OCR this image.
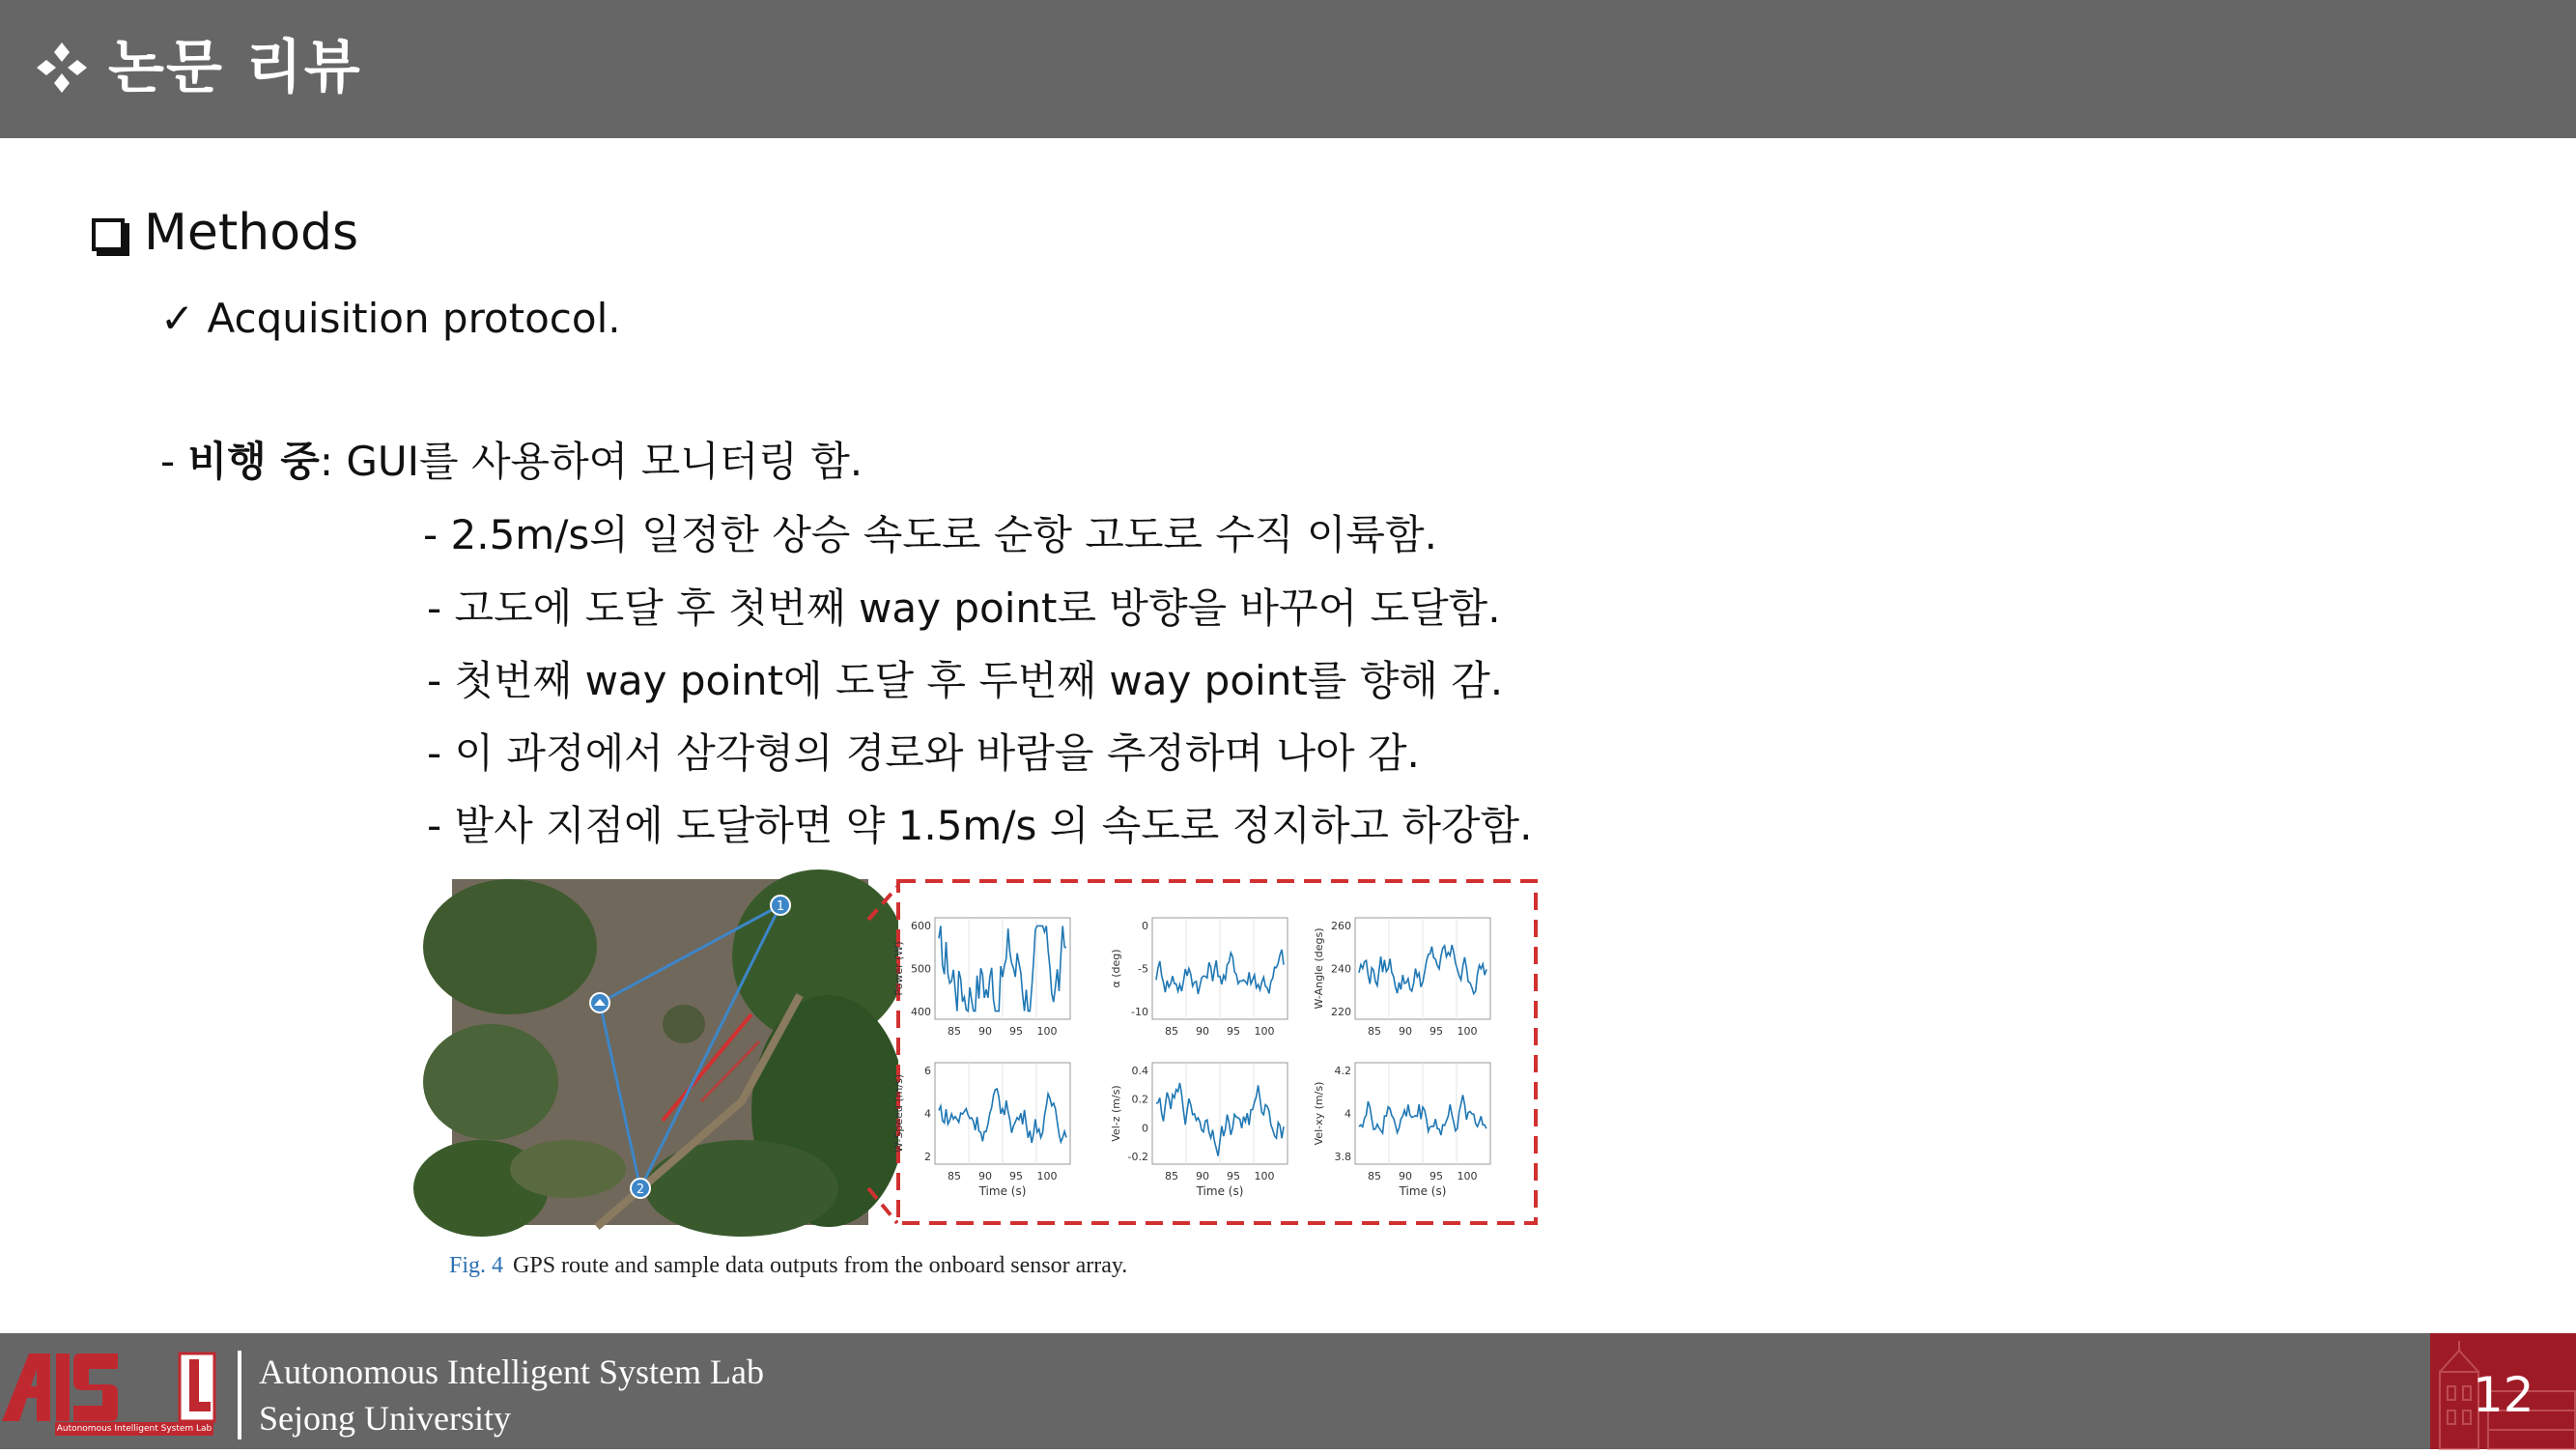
논문 리뷰
Methods
✓ Acquisition protocol.
- 비행 중: GUI를 사용하여 모니터링 함.
- 2.5m/s의 일정한 상승 속도로 순항 고도로 수직 이륙함.
- 고도에 도달 후 첫번째 way point로 방향을 바꾸어 도달함.
- 첫번째 way point에 도달 후 두번째 way point를 향해 감.
- 이 과정에서 삼각형의 경로와 바람을 추정하며 나아 감.
- 발사 지점에 도달하면 약 1.5m/s 의 속도로 정지하고 하강함.
1
2
600
500
400
Power (W)
85 90 95 100
0
-5
-10
α (deg)
85 90 95 100
260
240
220
W-Angle (degs)
85 90 95 100
6
4
2
W-Speed (m/s)
85 90 95 100
Time (s)
0.4
0.2
0
-0.2
Vel-z (m/s)
85 90 95 100
Time (s)
4.2
4
3.8
Vel-xy (m/s)
85 90 95 100
Time (s)
Fig. 4 GPS route and sample data outputs from the onboard sensor array.
Autonomous Intelligent System Lab
Autonomous Intelligent System Lab
Sejong University	12
